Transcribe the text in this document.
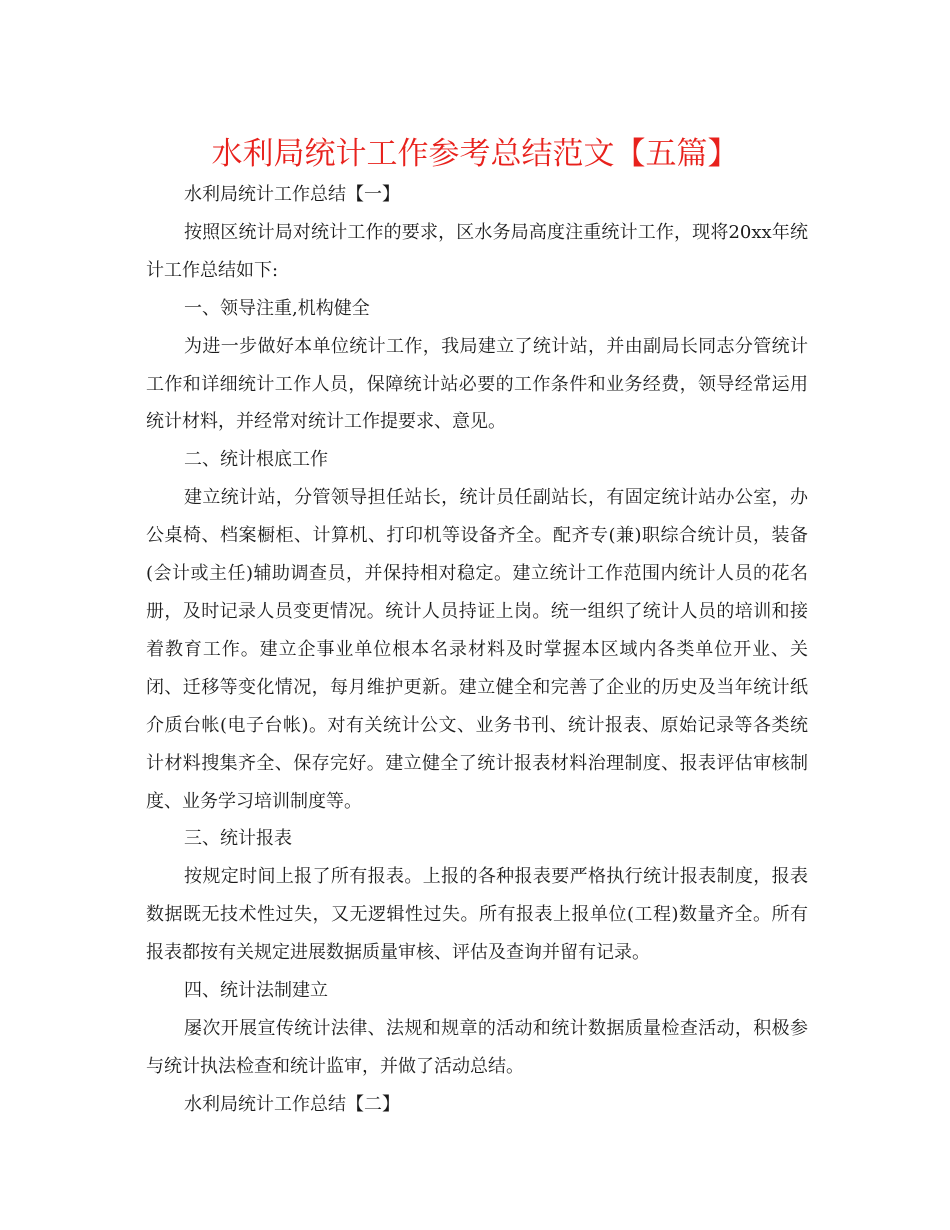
水利局统计工作参考总结范文【五篇】

水利局统计工作总结【一】

按照区统计局对统计工作的要求，区水务局高度注重统计工作，现将20xx年统计工作总结如下:

一、领导注重,机构健全

为进一步做好本单位统计工作，我局建立了统计站，并由副局长同志分管统计工作和详细统计工作人员，保障统计站必要的工作条件和业务经费，领导经常运用统计材料，并经常对统计工作提要求、意见。

二、统计根底工作

建立统计站，分管领导担任站长，统计员任副站长，有固定统计站办公室，办公桌椅、档案橱柜、计算机、打印机等设备齐全。配齐专(兼)职综合统计员，装备(会计或主任)辅助调查员，并保持相对稳定。建立统计工作范围内统计人员的花名册，及时记录人员变更情况。统计人员持证上岗。统一组织了统计人员的培训和接着教育工作。建立企事业单位根本名录材料及时掌握本区域内各类单位开业、关闭、迁移等变化情况，每月维护更新。建立健全和完善了企业的历史及当年统计纸介质台帐(电子台帐)。对有关统计公文、业务书刊、统计报表、原始记录等各类统计材料搜集齐全、保存完好。建立健全了统计报表材料治理制度、报表评估审核制度、业务学习培训制度等。

三、统计报表

按规定时间上报了所有报表。上报的各种报表要严格执行统计报表制度，报表数据既无技术性过失，又无逻辑性过失。所有报表上报单位(工程)数量齐全。所有报表都按有关规定进展数据质量审核、评估及查询并留有记录。

四、统计法制建立

屡次开展宣传统计法律、法规和规章的活动和统计数据质量检查活动，积极参与统计执法检查和统计监审，并做了活动总结。

水利局统计工作总结【二】
